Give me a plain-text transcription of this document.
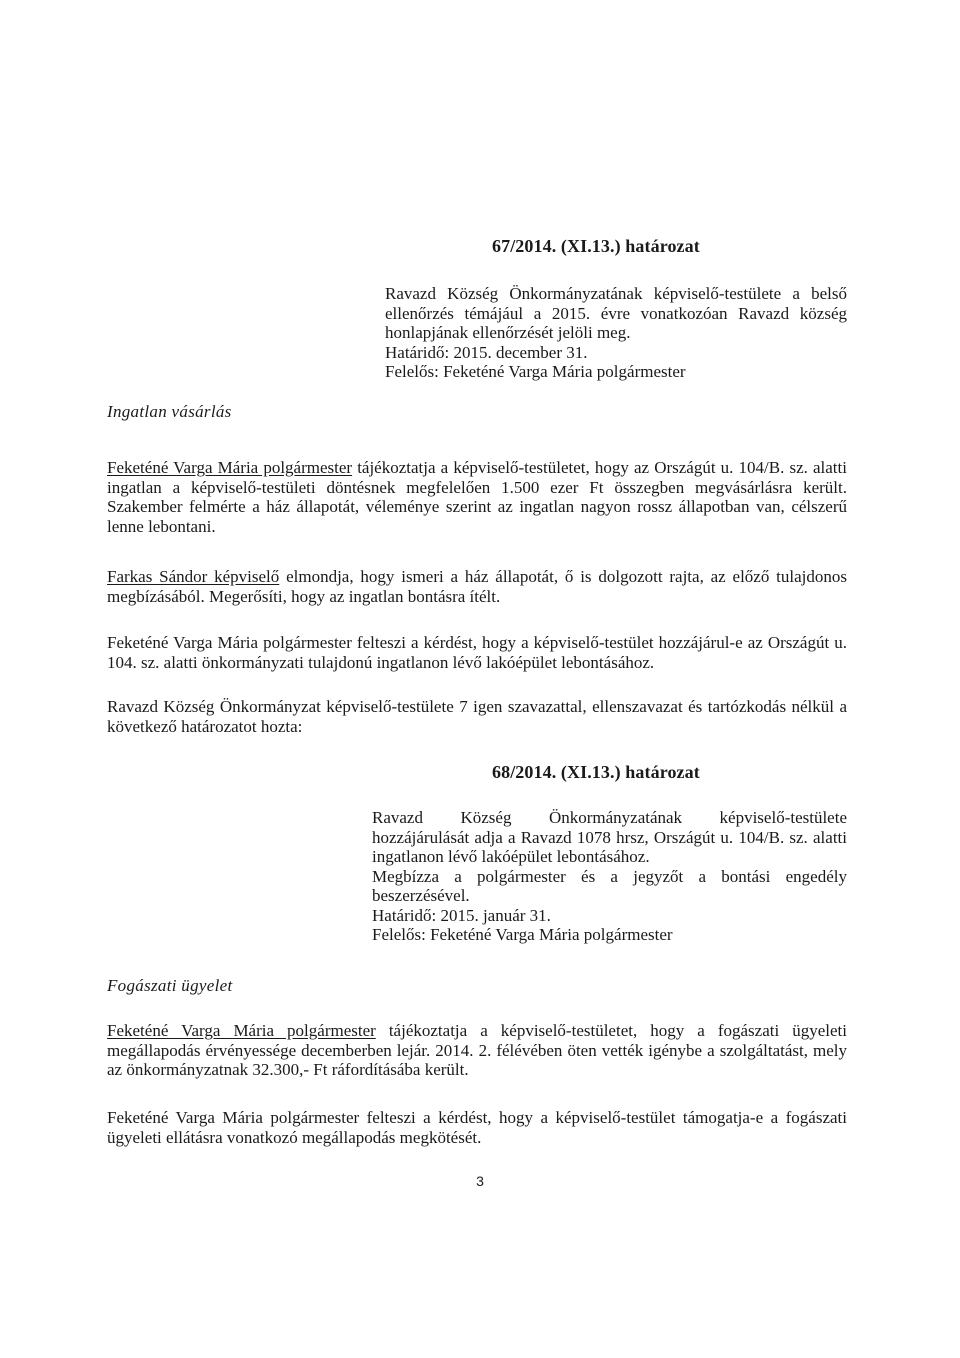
67/2014. (XI.13.) határozat
Ravazd Község Önkormányzatának képviselő-testülete a belső ellenőrzés témájául a 2015. évre vonatkozóan Ravazd község honlapjának ellenőrzését jelöli meg.
Határidő: 2015. december 31.
Felelős: Feketéné Varga Mária polgármester
Ingatlan vásárlás
Feketéné Varga Mária polgármester tájékoztatja a képviselő-testületet, hogy az Országút u. 104/B. sz. alatti ingatlan a képviselő-testületi döntésnek megfelelően 1.500 ezer Ft összegben megvásárlásra került. Szakember felmérte a ház állapotát, véleménye szerint az ingatlan nagyon rossz állapotban van, célszerű lenne lebontani.
Farkas Sándor képviselő elmondja, hogy ismeri a ház állapotát, ő is dolgozott rajta, az előző tulajdonos megbízásából. Megerősíti, hogy az ingatlan bontásra ítélt.
Feketéné Varga Mária polgármester felteszi a kérdést, hogy a képviselő-testület hozzájárul-e az Országút u. 104. sz. alatti önkormányzati tulajdonú ingatlanon lévő lakóépület lebontásához.
Ravazd Község Önkormányzat képviselő-testülete 7 igen szavazattal, ellenszavazat és tartózkodás nélkül a következő határozatot hozta:
68/2014. (XI.13.) határozat
Ravazd Község Önkormányzatának képviselő-testülete hozzájárulását adja a Ravazd 1078 hrsz, Országút u. 104/B. sz. alatti ingatlanon lévő lakóépület lebontásához.
Megbízza a polgármester és a jegyzőt a bontási engedély beszerzésével.
Határidő: 2015. január 31.
Felelős: Feketéné Varga Mária polgármester
Fogászati ügyelet
Feketéné Varga Mária polgármester tájékoztatja a képviselő-testületet, hogy a fogászati ügyeleti megállapodás érvényessége decemberben lejár. 2014. 2. félévében öten vették igénybe a szolgáltatást, mely az önkormányzatnak 32.300,- Ft ráfordításába került.
Feketéné Varga Mária polgármester felteszi a kérdést, hogy a képviselő-testület támogatja-e a fogászati ügyeleti ellátásra vonatkozó megállapodás megkötését.
3
